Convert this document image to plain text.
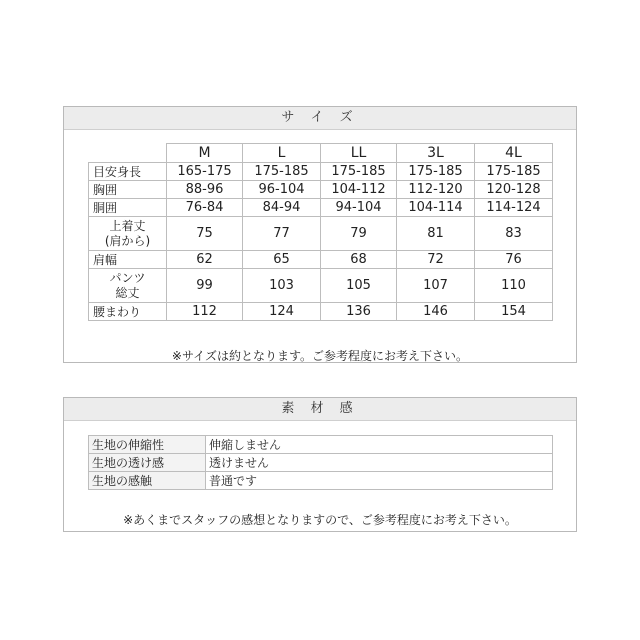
サ イ ズ
	M	L	LL	3L	4L
目安身長	165-175	175-185	175-185	175-185	175-185
胸囲	88-96	96-104	104-112	112-120	120-128
胴囲	76-84	84-94	94-104	104-114	114-124

上着丈
(肩から)	75	77	79	81	83
肩幅	62	65	68	72	76

パンツ
総丈	99	103	105	107	110
腰まわり	112	124	136	146	154
※サイズは約となります。ご参考程度にお考え下さい。
素 材 感
生地の伸縮性	伸縮しません
生地の透け感	透けません
生地の感触	普通です
※あくまでスタッフの感想となりますので、ご参考程度にお考え下さい。
